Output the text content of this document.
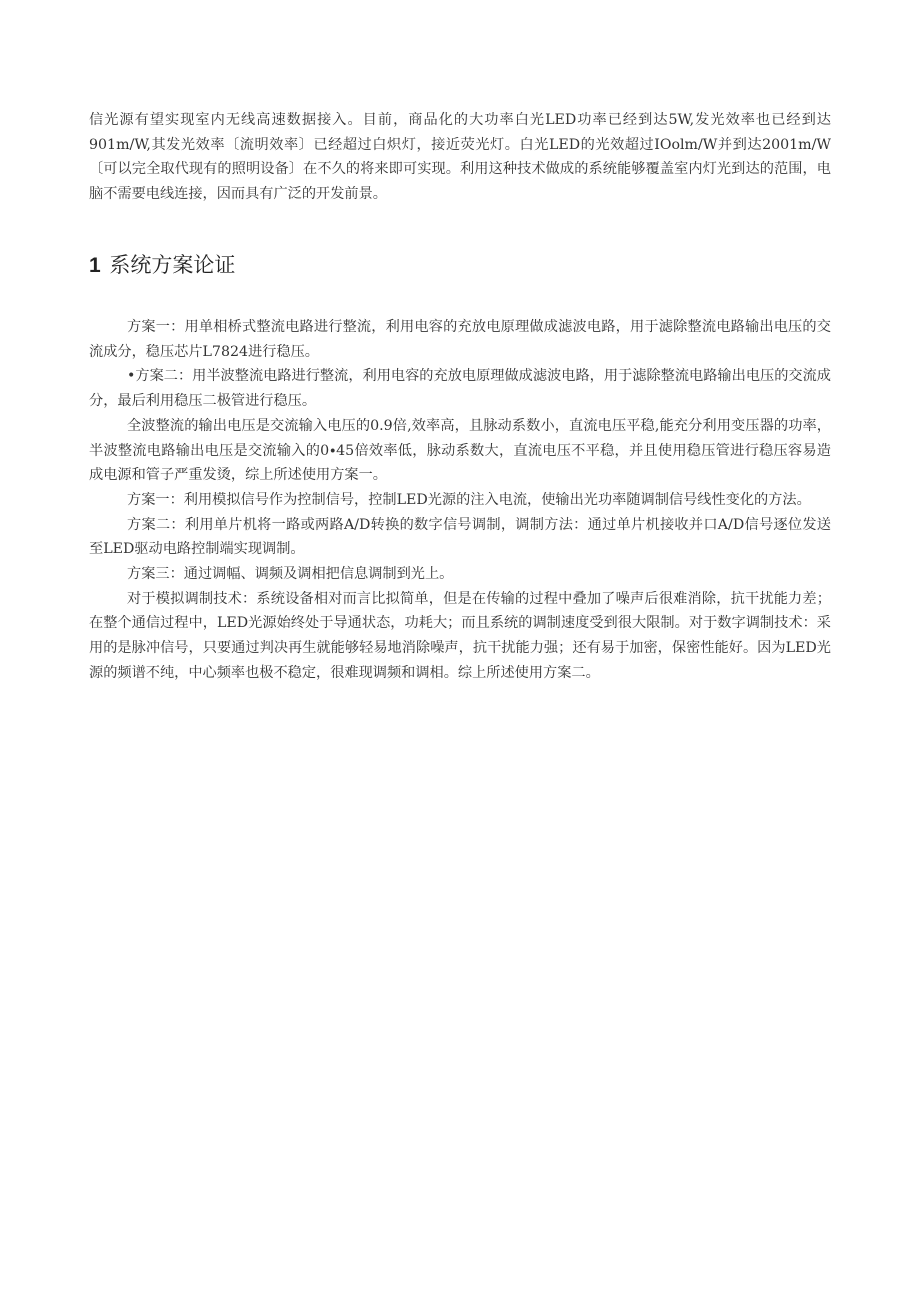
信光源有望实现室内无线高速数据接入。目前，商品化的大功率白光LED功率已经到达5W,发光效率也已经到达901m/W,其发光效率〔流明效率〕已经超过白炽灯，接近荧光灯。白光LED的光效超过IOolm/W并到达2001m/W〔可以完全取代现有的照明设备〕在不久的将来即可实现。利用这种技术做成的系统能够覆盖室内灯光到达的范围，电脑不需要电线连接，因而具有广泛的开发前景。

1 系统方案论证

方案一：用单相桥式整流电路进行整流，利用电容的充放电原理做成滤波电路，用于滤除整流电路输出电压的交流成分，稳压芯片L7824进行稳压。

•方案二：用半波整流电路进行整流，利用电容的充放电原理做成滤波电路，用于滤除整流电路输出电压的交流成分，最后利用稳压二极管进行稳压。

全波整流的输出电压是交流输入电压的0.9倍,效率高，且脉动系数小，直流电压平稳,能充分利用变压器的功率，半波整流电路输出电压是交流输入的0∙45倍效率低，脉动系数大，直流电压不平稳，并且使用稳压管进行稳压容易造成电源和管子严重发烫，综上所述使用方案一。

方案一：利用模拟信号作为控制信号，控制LED光源的注入电流，使输出光功率随调制信号线性变化的方法。

方案二：利用单片机将一路或两路A/D转换的数字信号调制，调制方法：通过单片机接收并口A/D信号逐位发送至LED驱动电路控制端实现调制。

方案三：通过调幅、调频及调相把信息调制到光上。

对于模拟调制技术：系统设备相对而言比拟简单，但是在传输的过程中叠加了噪声后很难消除，抗干扰能力差；在整个通信过程中，LED光源始终处于导通状态，功耗大；而且系统的调制速度受到很大限制。对于数字调制技术：采用的是脉冲信号，只要通过判决再生就能够轻易地消除噪声，抗干扰能力强；还有易于加密，保密性能好。因为LED光源的频谱不纯，中心频率也极不稳定，很难现调频和调相。综上所述使用方案二。
